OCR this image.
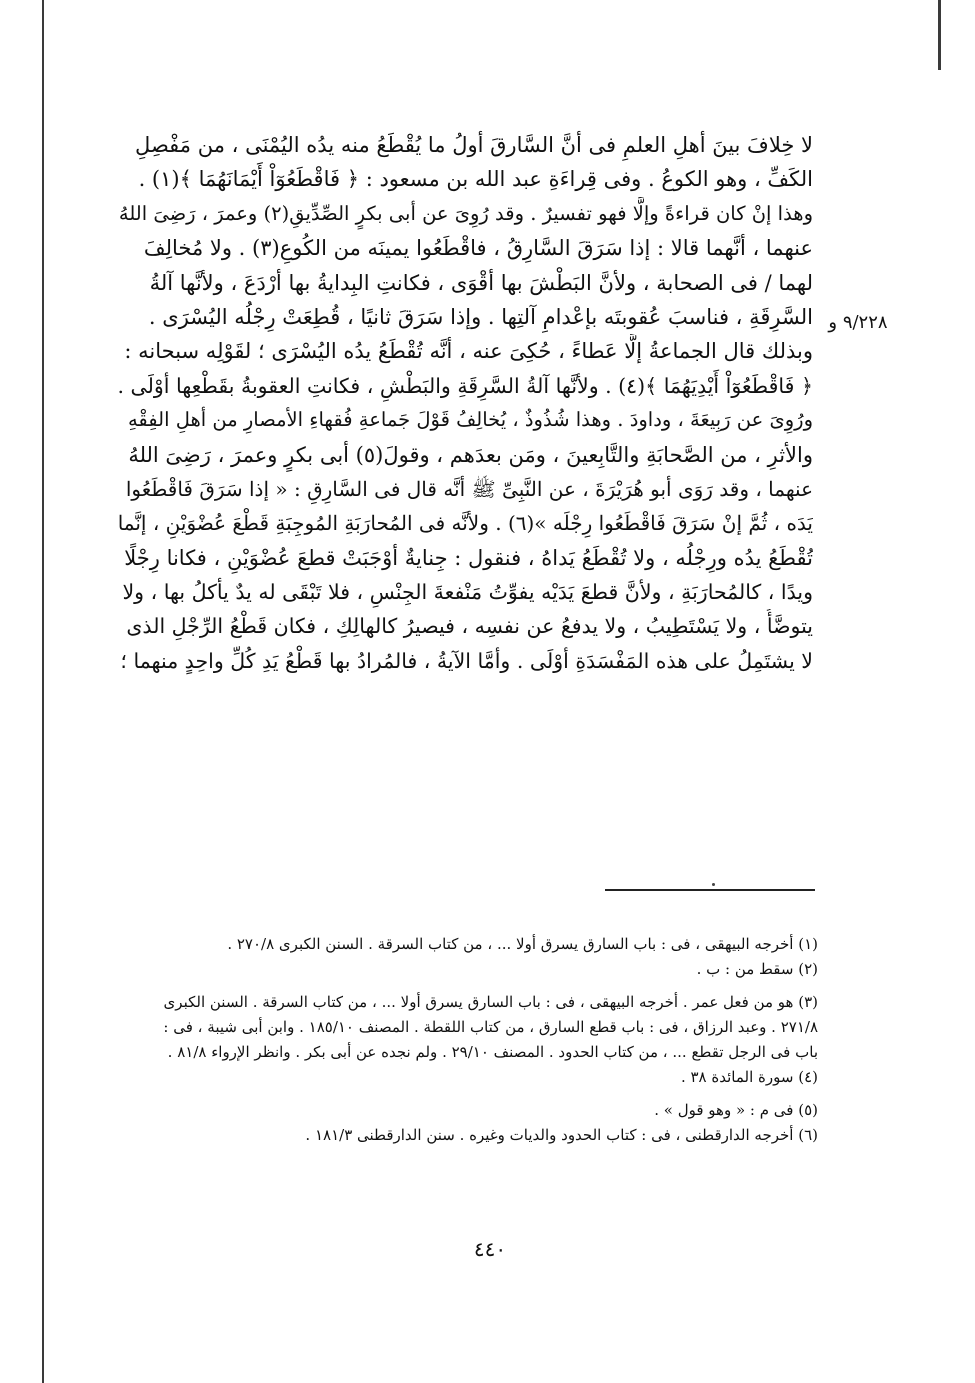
٩/٢٢٨ و
لا خِلافَ بينَ أهلِ العلمِ فى أنَّ السَّارقَ أولُ ما يُقْطَعُ منه يدُه اليُمْنَى ، من مَفْصِلِ
الكَفِّ ، وهو الكوعُ . وفى قِراءَةِ عبد الله بن مسعود : ﴿ فَاقْطَعُوٓاْ أَيْمَانَهُمَا ﴾(١) .
وهذا إنْ كان قراءةً وإلَّا فهو تفسيرٌ . وقد رُوِىَ عن أبى بكرٍ الصِّدِّيقِ(٢) وعمرَ ، رَضِىَ اللهُ
عنهما ، أنَّهما قالا : إذا سَرَقَ السَّارِقُ ، فاقْطَعُوا يمينَه من الكُوعِ(٣) . ولا مُخالِفَ
لهما / فى الصحابة ، ولأنَّ البَطْشَ بها أقْوَى ، فكانتِ البِدايةُ بها أرْدَعَ ، ولأنَّها آلةُ
السَّرِقَةِ ، فناسبَ عُقوبتَه بإعْدامِ آلتِها . وإذا سَرَقَ ثانيًا ، قُطِعَتْ رِجْلُه اليُسْرَى .
وبذلك قال الجماعةُ إلَّا عَطاءً ، حُكِىَ عنه ، أنَّه تُقْطَعُ يدُه اليُسْرَى ؛ لقَوْلِه سبحانه :
﴿ فَاقْطَعُوٓاْ أَيْدِيَهُمَا ﴾(٤) . ولأنَّها آلةُ السَّرِقَةِ والبَطْشِ ، فكانتِ العقوبةُ بقَطْعِها أوْلَى .
ورُوِىَ عن رَبِيعَةَ ، وداودَ . وهذا شُذُوذٌ ، يُخالِفُ قَوْلَ جَماعةِ فُقهاءِ الأمصارِ من أهلِ الفِقْهِ
والأثرِ ، من الصَّحابَةِ والتَّابِعينَ ، ومَن بعدَهم ، وقولَ(٥) أبى بكرٍ وعمرَ ، رَضِىَ اللهُ
عنهما ، وقد رَوَى أبو هُرَيْرَةَ ، عن النَّبِىِّ ﷺ أنَّه قال فى السَّارِقِ : « إذا سَرَقَ فَاقْطَعُوا
يَدَه ، ثُمَّ إنْ سَرَقَ فَاقْطَعُوا رِجْلَه »(٦) . ولأنَّه فى المُحارَبَةِ المُوجِبَةِ قَطْعَ عُضْوَيْنِ ، إنَّما
تُقْطَعُ يدُه ورِجْلُه ، ولا تُقْطَعُ يَداهُ ، فنقول : جِنايةٌ أوْجَبَتْ قطعَ عُضْوَيْنِ ، فكانا رِجْلًا
ويدًا ، كالمُحارَبَةِ ، ولأنَّ قطعَ يَدَيْه يفوِّتُ مَنْفعةَ الجِنْسِ ، فلا تَبْقَى له يدٌ يأكلُ بها ، ولا
يتوضَّأُ ، ولا يَسْتَطِيبُ ، ولا يدفعُ عن نفسِه ، فيصيرُ كالهالِكِ ، فكان قَطْعُ الرِّجْلِ الذى
لا يشتَمِلُ على هذه المَفْسَدَةِ أوْلَى . وأمَّا الآيةُ ، فالمُرادُ بها قَطْعُ يَدِ كُلِّ واحِدٍ منهما ؛
(١) أخرجه البيهقى ، فى : باب السارق يسرق أولا ... ، من كتاب السرقة . السنن الكبرى ٢٧٠/٨ .
(٢) سقط من : ب .
(٣) هو من فعل عمر . أخرجه البيهقى ، فى : باب السارق يسرق أولا ... ، من كتاب السرقة . السنن الكبرى
٢٧١/٨ . وعبد الرزاق ، فى : باب قطع السارق ، من كتاب اللقطة . المصنف ١٨٥/١٠ . وابن أبى شيبة ، فى :
باب فى الرجل تقطع ... ، من كتاب الحدود . المصنف ٢٩/١٠ . ولم نجده عن أبى بكر . وانظر الإرواء ٨١/٨ .
(٤) سورة المائدة ٣٨ .
(٥) فى م : « وهو قول » .
(٦) أخرجه الدارقطنى ، فى : كتاب الحدود والديات وغيره . سنن الدارقطنى ١٨١/٣ .
٤٤٠
